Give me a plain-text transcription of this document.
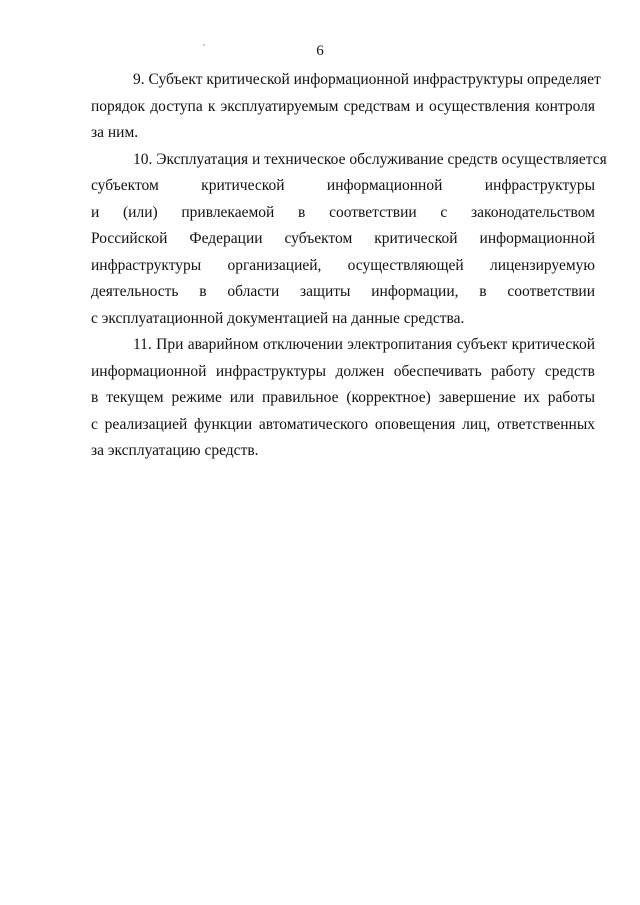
6
9. Субъект критической информационной инфраструктуры определяет
порядок доступа к эксплуатируемым средствам и осуществления контроля
за ним.
10. Эксплуатация и техническое обслуживание средств осуществляется
субъектом критической информационной инфраструктуры
и (или) привлекаемой в соответствии с законодательством
Российской Федерации субъектом критической информационной
инфраструктуры организацией, осуществляющей лицензируемую
деятельность в области защиты информации, в соответствии
с эксплуатационной документацией на данные средства.
11. При аварийном отключении электропитания субъект критической
информационной инфраструктуры должен обеспечивать работу средств
в текущем режиме или правильное (корректное) завершение их работы
с реализацией функции автоматического оповещения лиц, ответственных
за эксплуатацию средств.
